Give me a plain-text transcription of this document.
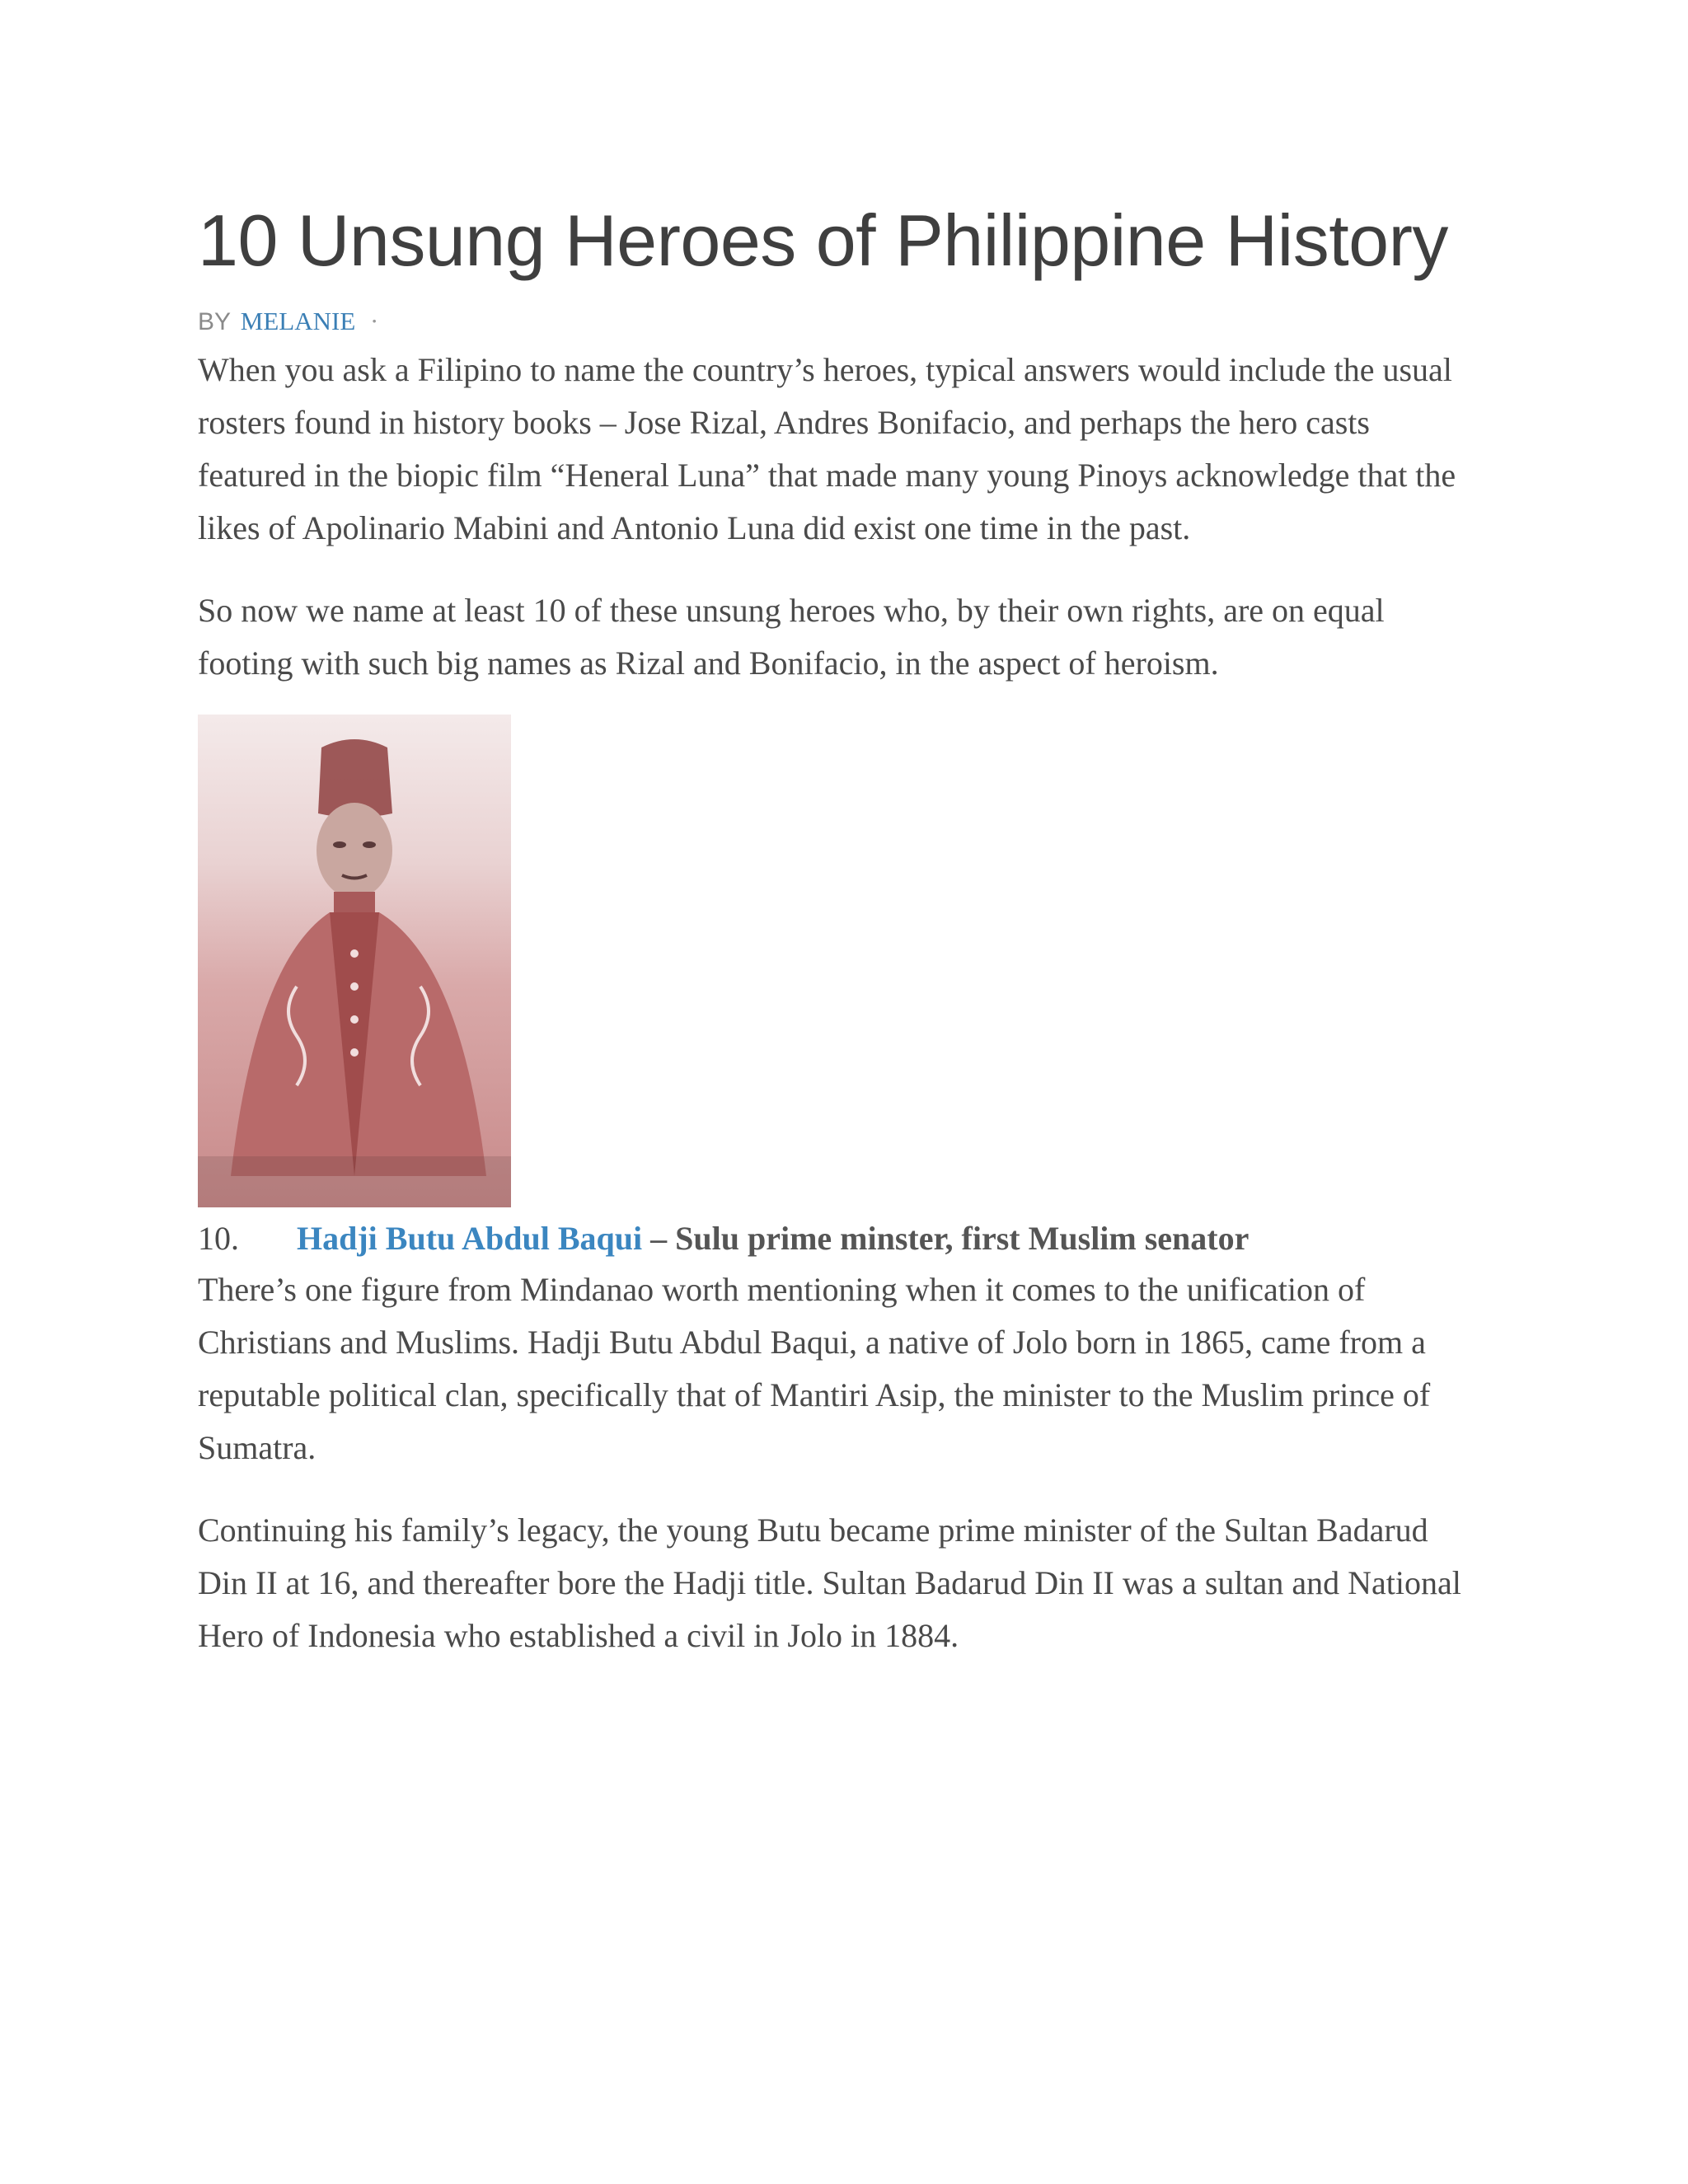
10 Unsung Heroes of Philippine History
BY MELANIE ·

When you ask a Filipino to name the country’s heroes, typical answers would include the usual rosters found in history books – Jose Rizal, Andres Bonifacio, and perhaps the hero casts featured in the biopic film “Heneral Luna” that made many young Pinoys acknowledge that the likes of Apolinario Mabini and Antonio Luna did exist one time in the past.

So now we name at least 10 of these unsung heroes who, by their own rights, are on equal footing with such big names as Rizal and Bonifacio, in the aspect of heroism.

10. Hadji Butu Abdul Baqui – Sulu prime minster, first Muslim senator

There’s one figure from Mindanao worth mentioning when it comes to the unification of Christians and Muslims. Hadji Butu Abdul Baqui, a native of Jolo born in 1865, came from a reputable political clan, specifically that of Mantiri Asip, the minister to the Muslim prince of Sumatra.

Continuing his family’s legacy, the young Butu became prime minister of the Sultan Badarud Din II at 16, and thereafter bore the Hadji title. Sultan Badarud Din II was a sultan and National Hero of Indonesia who established a civil in Jolo in 1884.
